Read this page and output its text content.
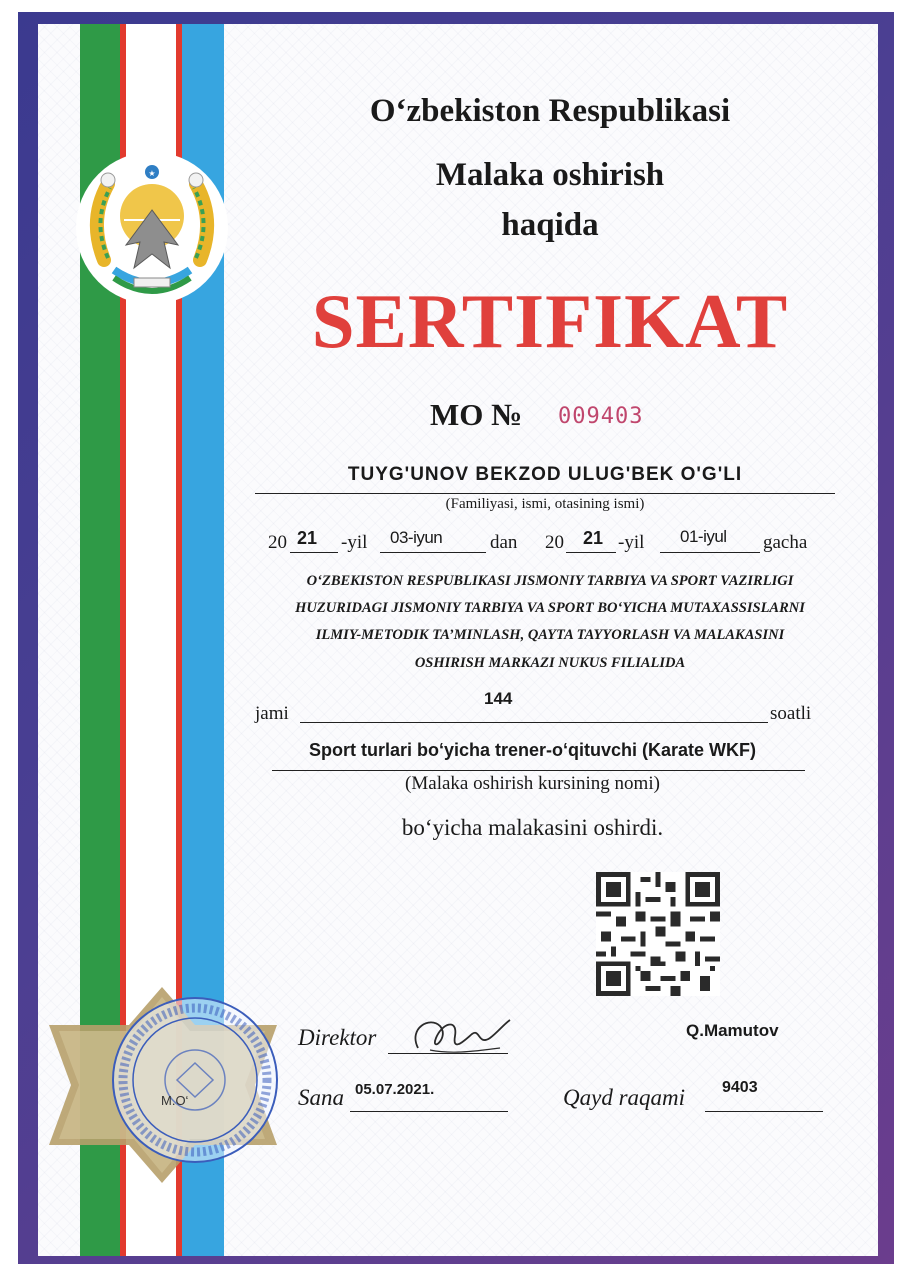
★
O‘zbekiston Respublikasi
Malaka oshirish
haqida
SERTIFIKAT
MO № 009403
TUYG'UNOV BEKZOD ULUG'BEK O'G'LI
(Familiyasi, ismi, otasining ismi)
20 21 -yil 03-iyun	dan 20 21 -yil 01-iyul gacha
O‘ZBEKISTON RESPUBLIKASI JISMONIY TARBIYA VA SPORT VAZIRLIGI
HUZURIDAGI JISMONIY TARBIYA VA SPORT BO‘YICHA MUTAXASSISLARNI
ILMIY-METODIK TA’MINLASH, QAYTA TAYYORLASH VA MALAKASINI
OSHIRISH MARKAZI NUKUS FILIALIDA
jami
144
soatli
Sport turlari bo‘yicha trener-o‘qituvchi (Karate WKF)
(Malaka oshirish kursining nomi)
bo‘yicha malakasini oshirdi.
M.O‘
Direktor	Q.Mamutov
Sana 05.07.2021.	Qayd raqami 9403
